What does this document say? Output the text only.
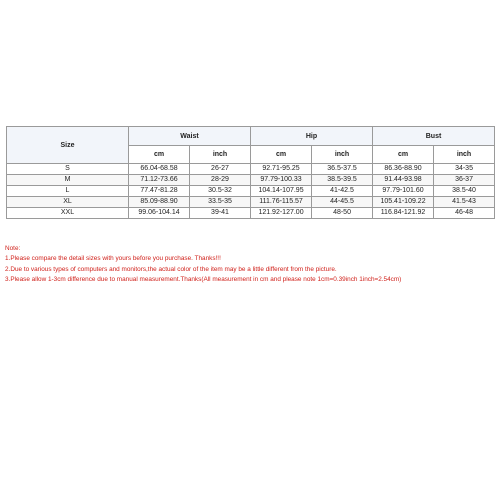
Size	Waist		Hip		Bust	
	cm	inch	cm	inch	cm	inch
S	66.04-68.58	26-27	92.71-95.25	36.5-37.5	86.36-88.90	34-35
M	71.12-73.66	28-29	97.79-100.33	38.5-39.5	91.44-93.98	36-37
L	77.47-81.28	30.5-32	104.14-107.95	41-42.5	97.79-101.60	38.5-40
XL	85.09-88.90	33.5-35	111.76-115.57	44-45.5	105.41-109.22	41.5-43
XXL	99.06-104.14	39-41	121.92-127.00	48-50	116.84-121.92	46-48
Note:
1.Please compare the detail sizes with yours before you purchase. Thanks!!!
2.Due to various types of computers and monitors,the actual color of the item may be a little different from the picture.
3.Please allow 1-3cm difference due to manual measurement.Thanks(All measurement in cm and please note 1cm=0.39inch 1inch=2.54cm)
